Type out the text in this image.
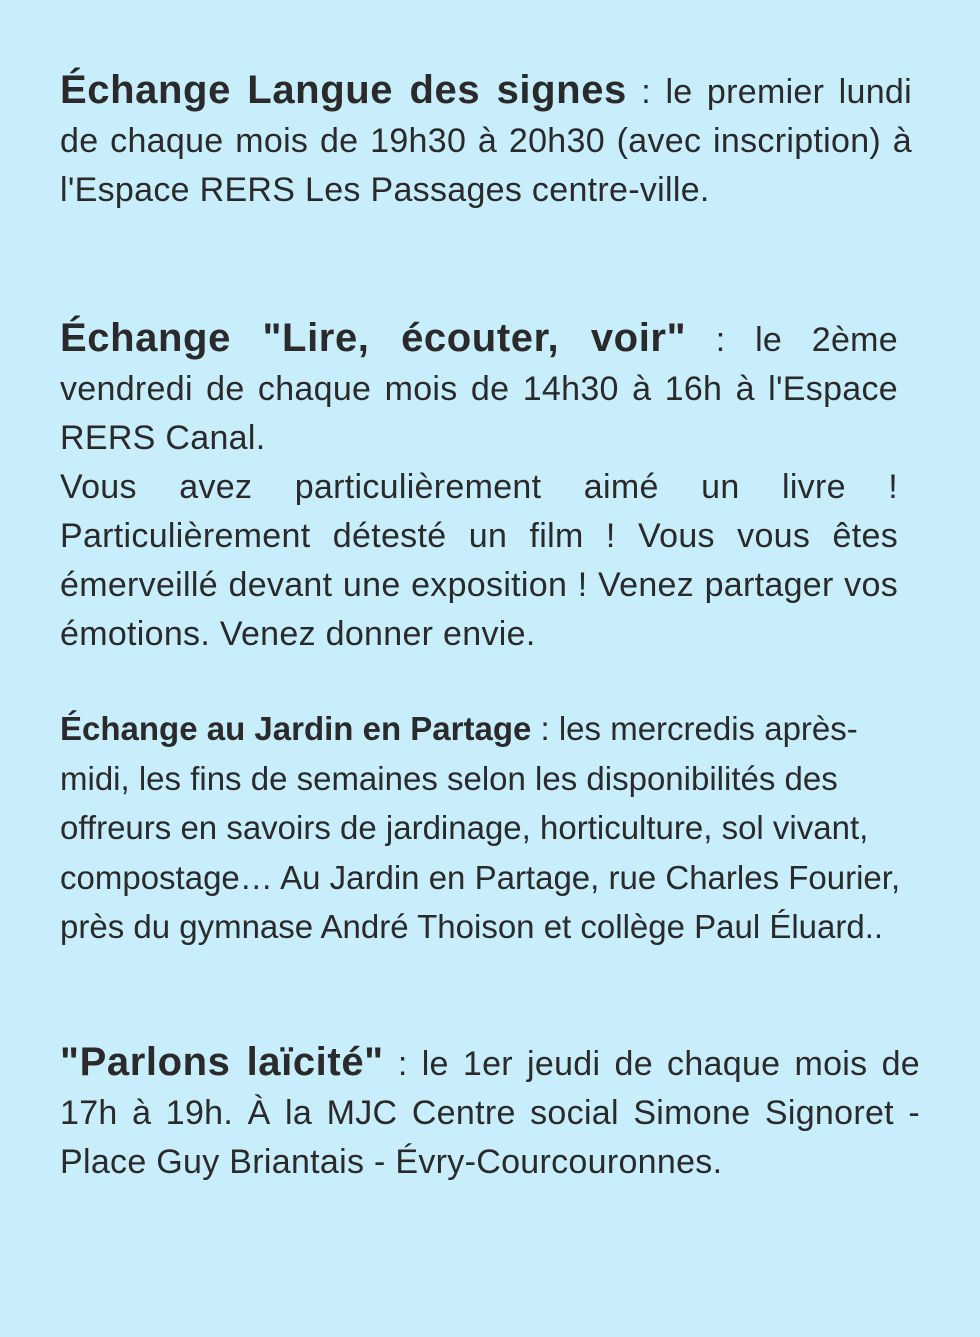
Échange Langue des signes : le premier lundi de chaque mois de 19h30 à 20h30 (avec inscription) à l'Espace RERS Les Passages centre-ville.
Échange "Lire, écouter, voir" : le 2ème vendredi de chaque mois de 14h30 à 16h à l'Espace RERS Canal.
Vous avez particulièrement aimé un livre ! Particulièrement détesté un film ! Vous vous êtes émerveillé devant une exposition ! Venez partager vos émotions. Venez donner envie.
Échange au Jardin en Partage : les mercredis après-midi, les fins de semaines selon les disponibilités des offreurs en savoirs de jardinage, horticulture, sol vivant, compostage… Au Jardin en Partage, rue Charles Fourier, près du gymnase André Thoison et collège Paul Éluard..
"Parlons laïcité" : le 1er jeudi de chaque mois de 17h à 19h. À la MJC Centre social Simone Signoret - Place Guy Briantais - Évry-Courcouronnes.
